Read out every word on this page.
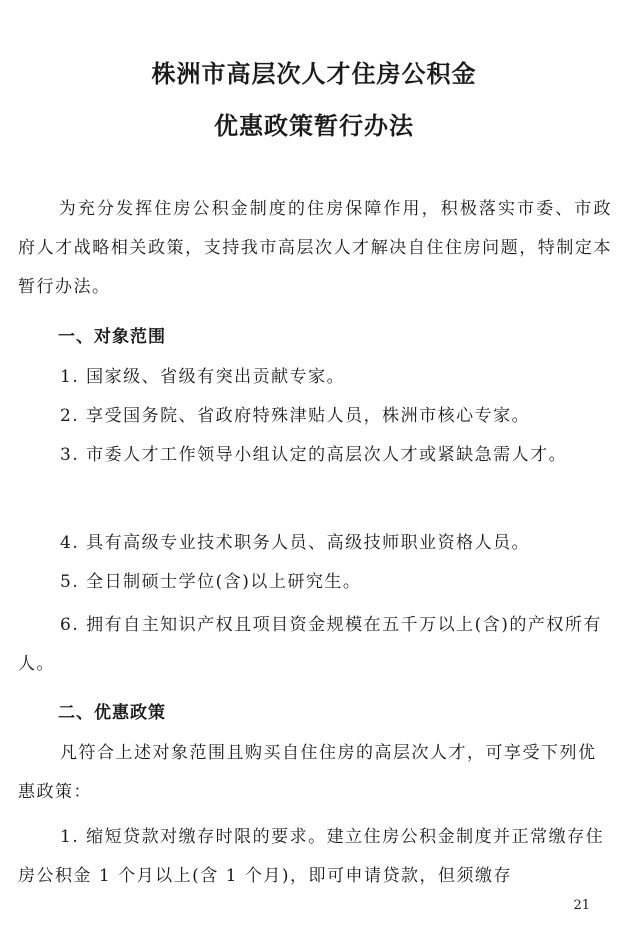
株洲市高层次人才住房公积金
优惠政策暂行办法

为充分发挥住房公积金制度的住房保障作用，积极落实市委、市政府人才战略相关政策，支持我市高层次人才解决自住住房问题，特制定本暂行办法。

一、对象范围

1. 国家级、省级有突出贡献专家。

2. 享受国务院、省政府特殊津贴人员，株洲市核心专家。

3. 市委人才工作领导小组认定的高层次人才或紧缺急需人才。

4. 具有高级专业技术职务人员、高级技师职业资格人员。

5. 全日制硕士学位(含)以上研究生。

6. 拥有自主知识产权且项目资金规模在五千万以上(含)的产权所有人。

二、优惠政策

凡符合上述对象范围且购买自住住房的高层次人才，可享受下列优惠政策：

1. 缩短贷款对缴存时限的要求。建立住房公积金制度并正常缴存住房公积金 1 个月以上(含 1 个月)，即可申请贷款，但须缴存

21
